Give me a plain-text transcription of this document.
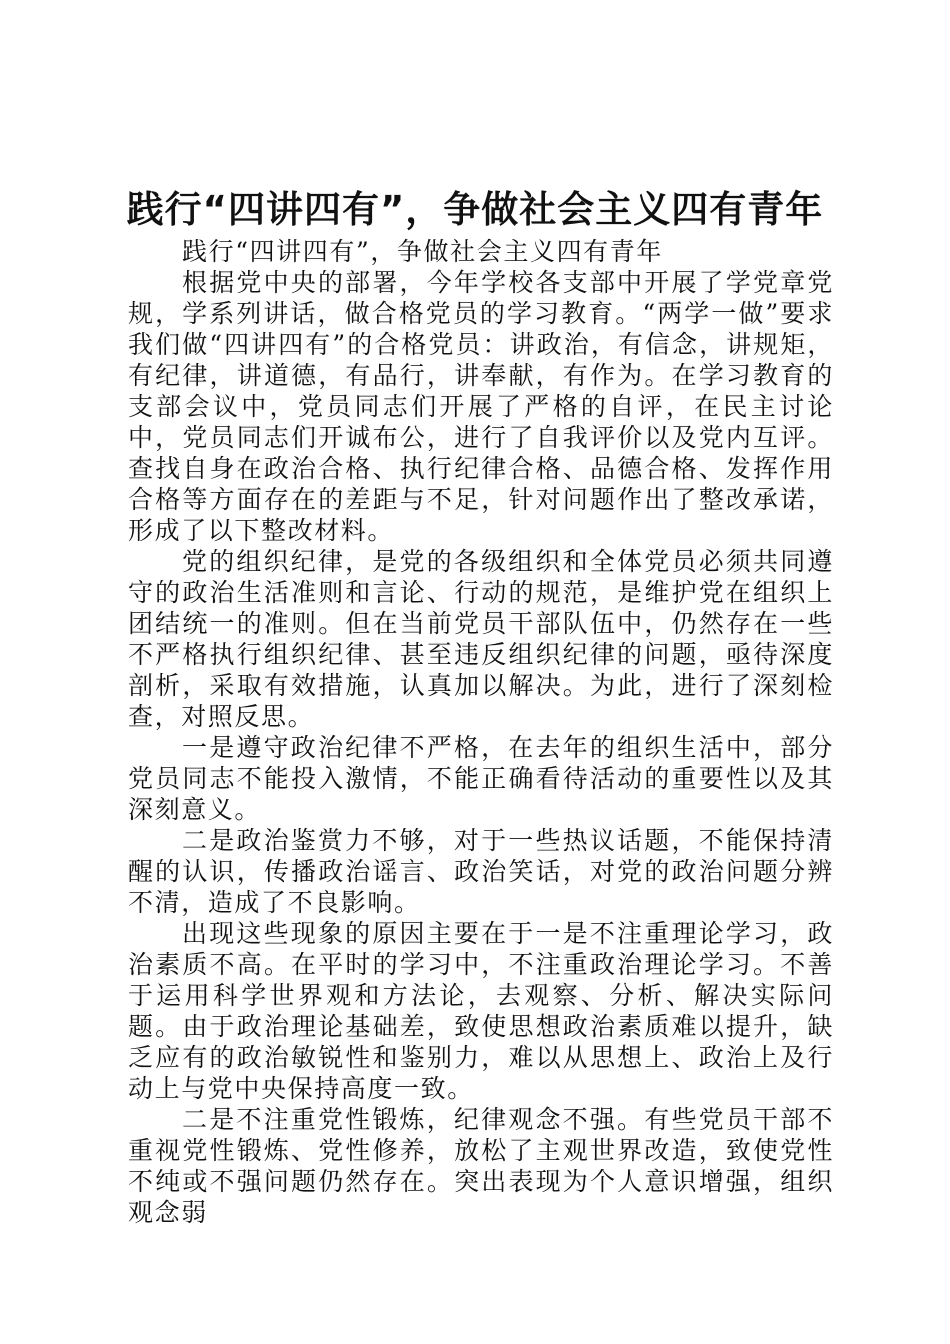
践行“四讲四有”，争做社会主义四有青年

践行“四讲四有”，争做社会主义四有青年

根据党中央的部署，今年学校各支部中开展了学党章党规，学系列讲话，做合格党员的学习教育。“两学一做”要求我们做“四讲四有”的合格党员：讲政治，有信念，讲规矩，有纪律，讲道德，有品行，讲奉献，有作为。在学习教育的支部会议中，党员同志们开展了严格的自评，在民主讨论中，党员同志们开诚布公，进行了自我评价以及党内互评。查找自身在政治合格、执行纪律合格、品德合格、发挥作用合格等方面存在的差距与不足，针对问题作出了整改承诺，形成了以下整改材料。

党的组织纪律，是党的各级组织和全体党员必须共同遵守的政治生活准则和言论、行动的规范，是维护党在组织上团结统一的准则。但在当前党员干部队伍中，仍然存在一些不严格执行组织纪律、甚至违反组织纪律的问题，亟待深度剖析，采取有效措施，认真加以解决。为此，进行了深刻检查，对照反思。

一是遵守政治纪律不严格，在去年的组织生活中，部分党员同志不能投入激情，不能正确看待活动的重要性以及其深刻意义。

二是政治鉴赏力不够，对于一些热议话题，不能保持清醒的认识，传播政治谣言、政治笑话，对党的政治问题分辨不清，造成了不良影响。

出现这些现象的原因主要在于一是不注重理论学习，政治素质不高。在平时的学习中，不注重政治理论学习。不善于运用科学世界观和方法论，去观察、分析、解决实际问题。由于政治理论基础差，致使思想政治素质难以提升，缺乏应有的政治敏锐性和鉴别力，难以从思想上、政治上及行动上与党中央保持高度一致。

二是不注重党性锻炼，纪律观念不强。有些党员干部不重视党性锻炼、党性修养，放松了主观世界改造，致使党性不纯或不强问题仍然存在。突出表现为个人意识增强，组织观念弱
